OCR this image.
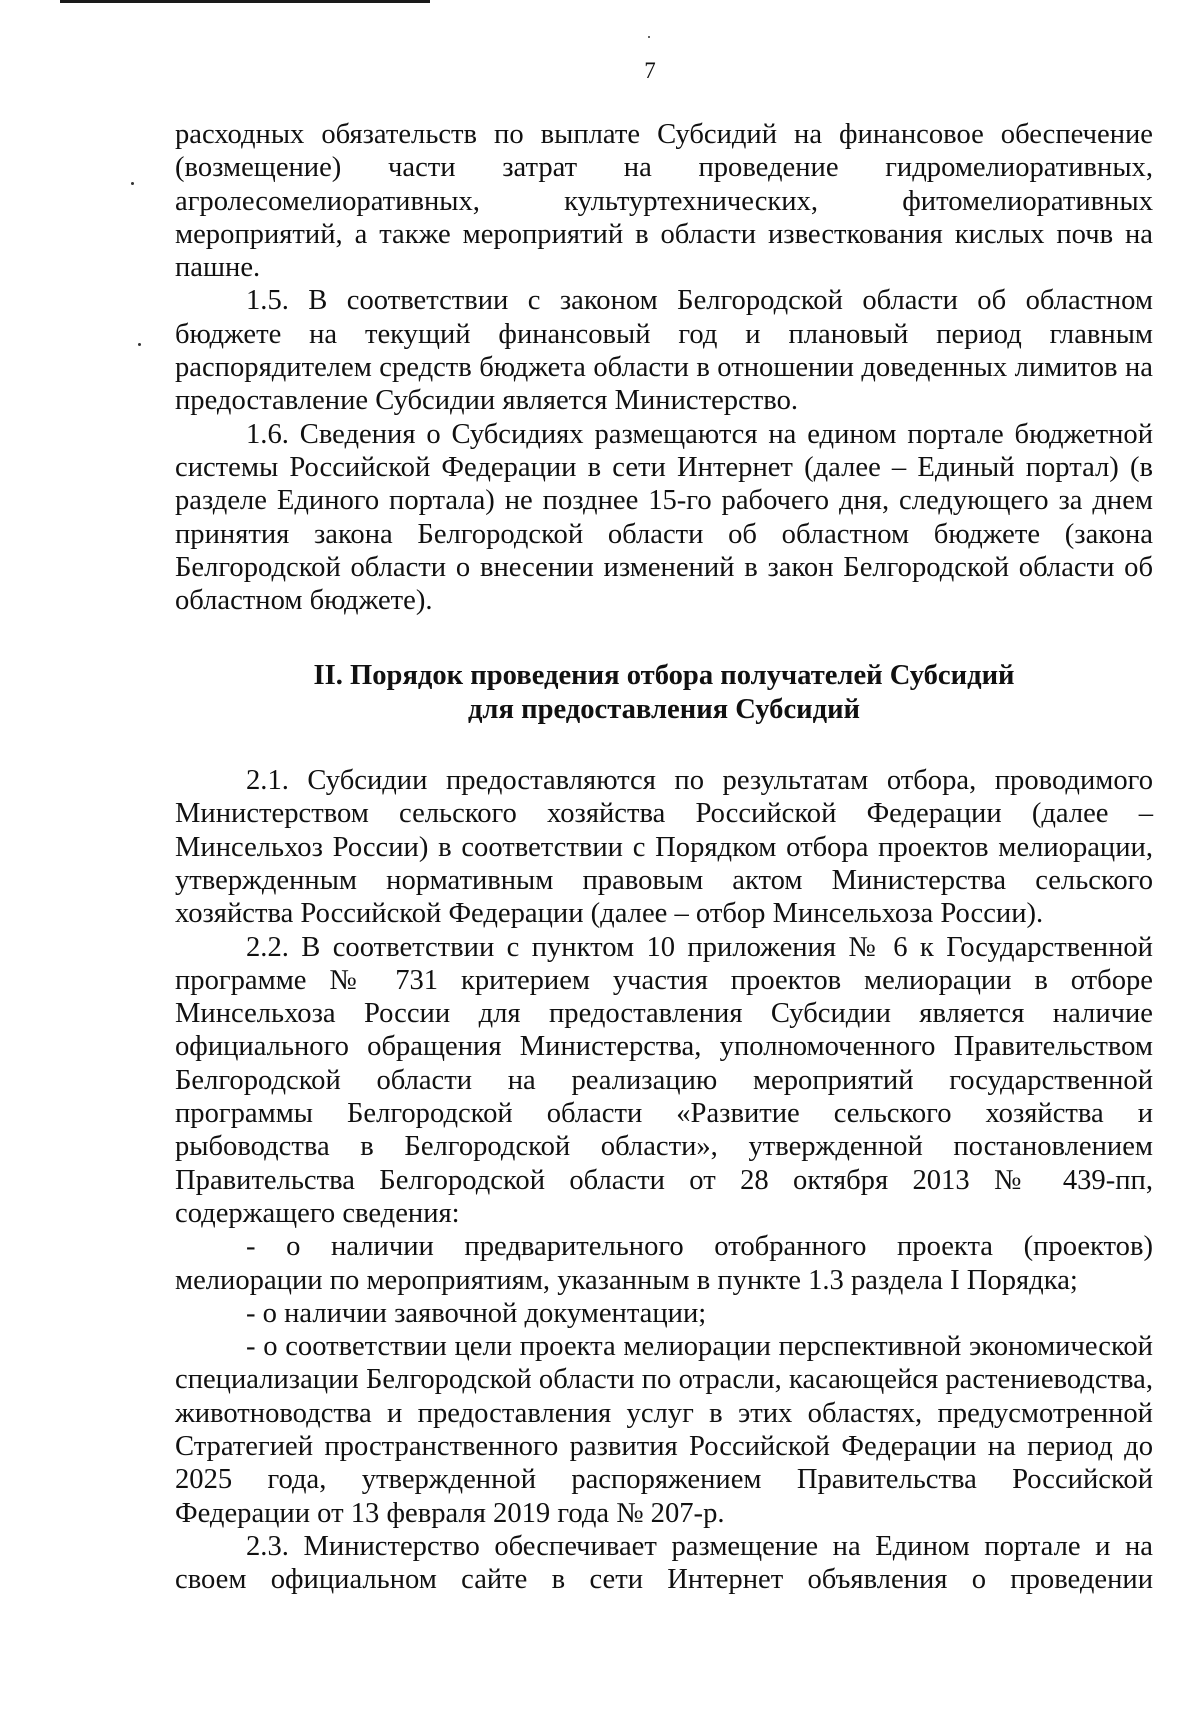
7

расходных обязательств по выплате Субсидий на финансовое обеспечение (возмещение) части затрат на проведение гидромелиоративных, агролесомелиоративных, культуртехнических, фитомелиоративных мероприятий, а также мероприятий в области известкования кислых почв на пашне.

1.5. В соответствии с законом Белгородской области об областном бюджете на текущий финансовый год и плановый период главным распорядителем средств бюджета области в отношении доведенных лимитов на предоставление Субсидии является Министерство.

1.6. Сведения о Субсидиях размещаются на едином портале бюджетной системы Российской Федерации в сети Интернет (далее – Единый портал) (в разделе Единого портала) не позднее 15-го рабочего дня, следующего за днем принятия закона Белгородской области об областном бюджете (закона Белгородской области о внесении изменений в закон Белгородской области об областном бюджете).

II. Порядок проведения отбора получателей Субсидий
для предоставления Субсидий

2.1. Субсидии предоставляются по результатам отбора, проводимого Министерством сельского хозяйства Российской Федерации (далее – Минсельхоз России) в соответствии с Порядком отбора проектов мелиорации, утвержденным нормативным правовым актом Министерства сельского хозяйства Российской Федерации (далее – отбор Минсельхоза России).

2.2. В соответствии с пунктом 10 приложения № 6 к Государственной программе № 731 критерием участия проектов мелиорации в отборе Минсельхоза России для предоставления Субсидии является наличие официального обращения Министерства, уполномоченного Правительством Белгородской области на реализацию мероприятий государственной программы Белгородской области «Развитие сельского хозяйства и рыбоводства в Белгородской области», утвержденной постановлением Правительства Белгородской области от 28 октября 2013 № 439-пп, содержащего сведения:

- о наличии предварительного отобранного проекта (проектов) мелиорации по мероприятиям, указанным в пункте 1.3 раздела I Порядка;

- о наличии заявочной документации;

- о соответствии цели проекта мелиорации перспективной экономической специализации Белгородской области по отрасли, касающейся растениеводства, животноводства и предоставления услуг в этих областях, предусмотренной Стратегией пространственного развития Российской Федерации на период до 2025 года, утвержденной распоряжением Правительства Российской Федерации от 13 февраля 2019 года № 207-р.

2.3. Министерство обеспечивает размещение на Едином портале и на своем официальном сайте в сети Интернет объявления о проведении
